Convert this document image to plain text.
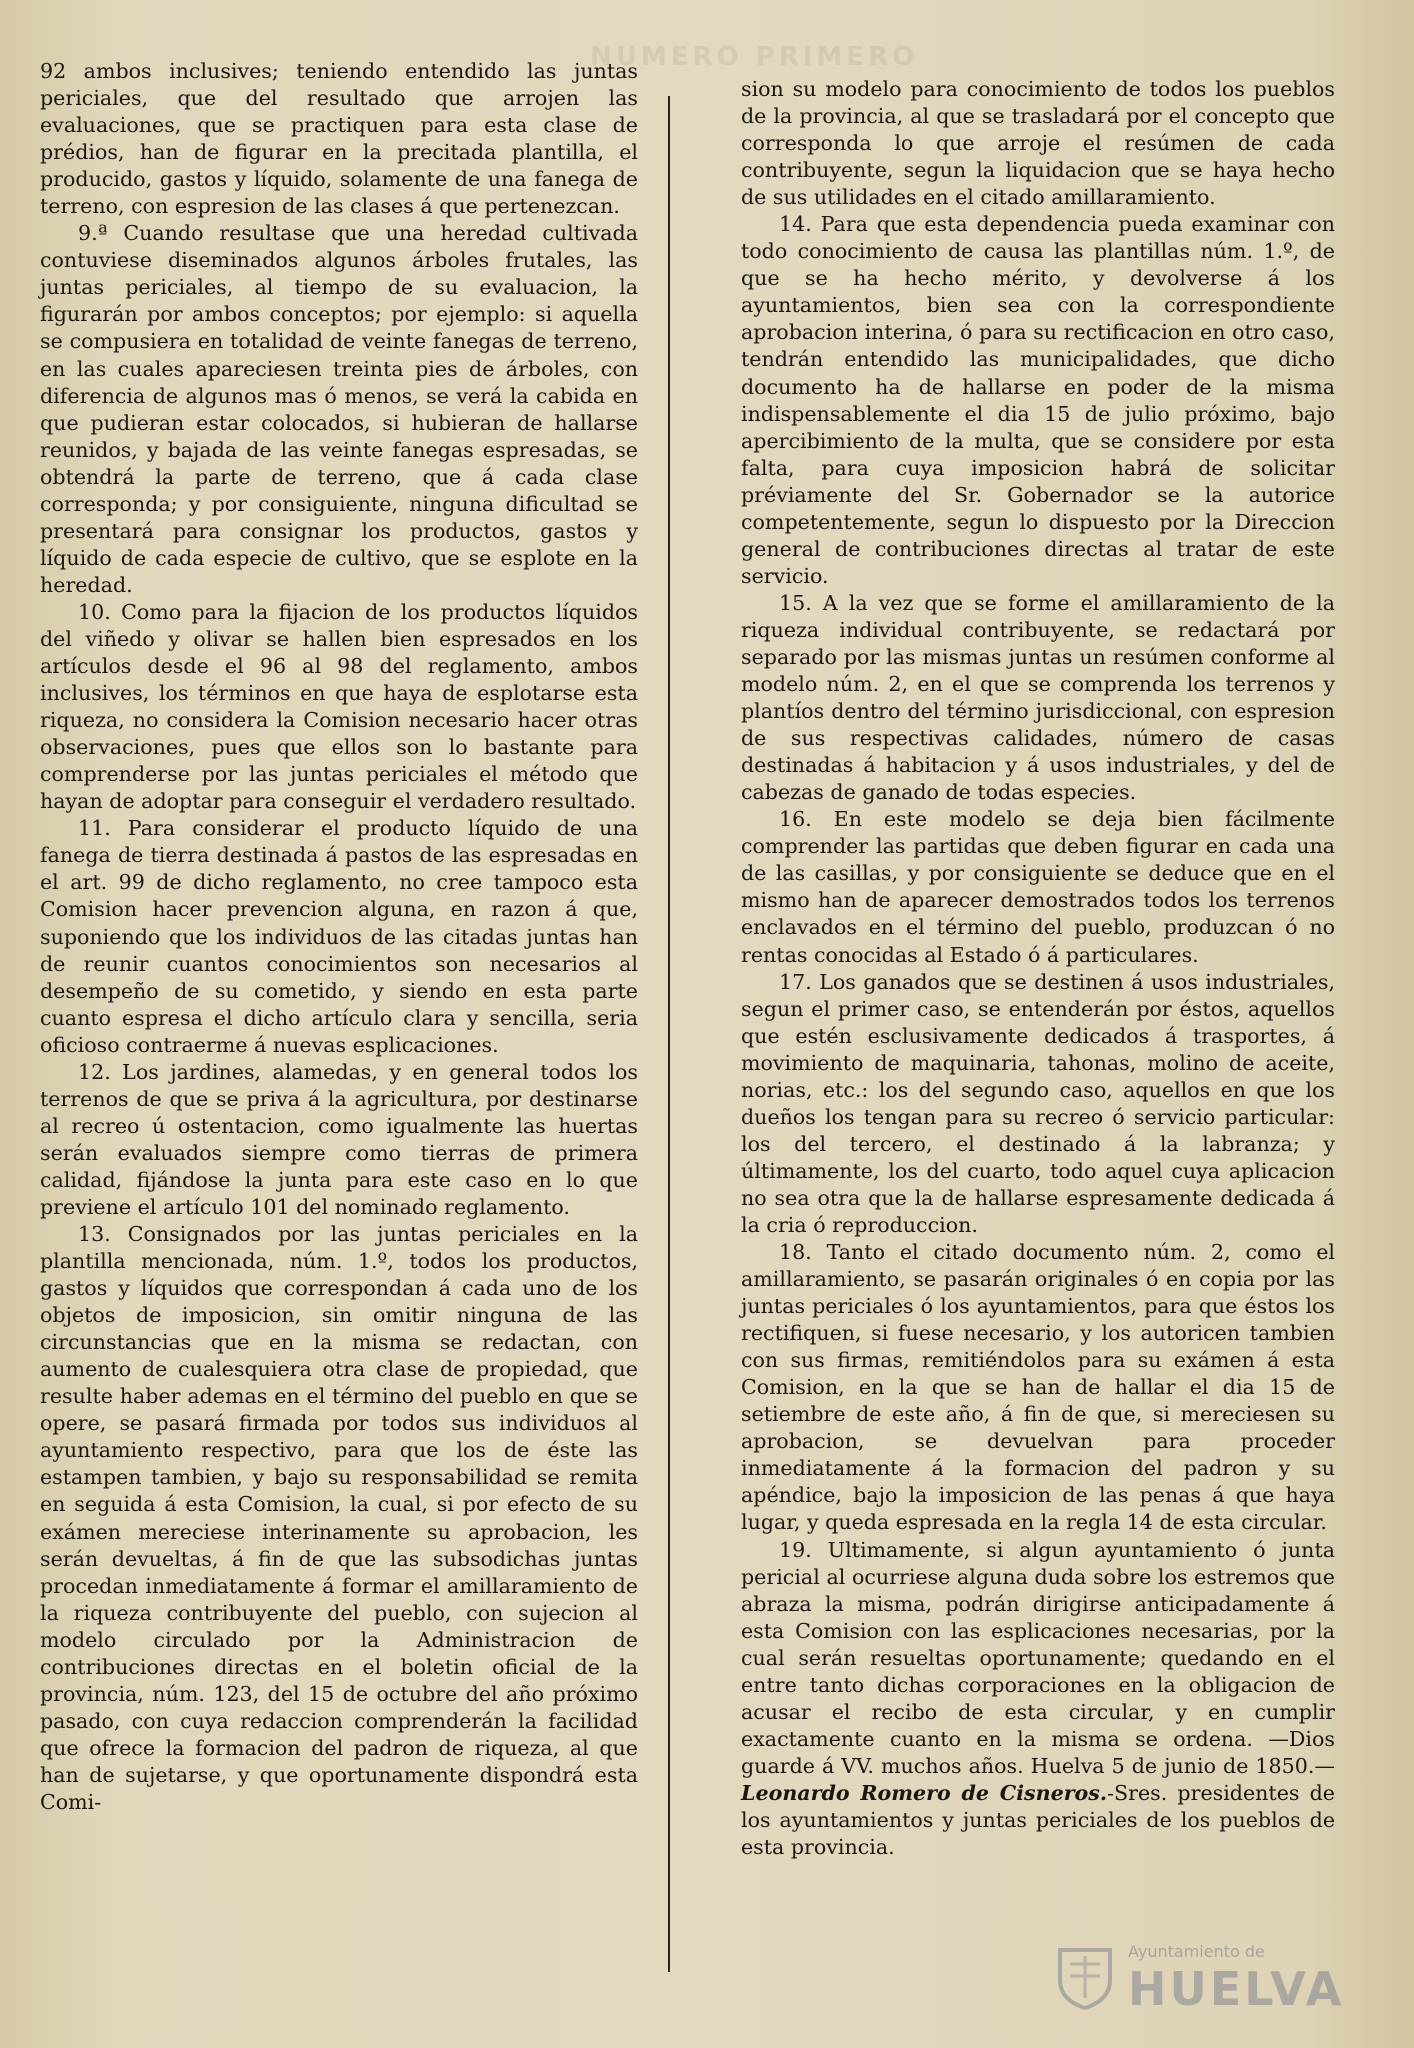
NUMERO PRIMERO

92 ambos inclusives; teniendo entendido las juntas periciales, que del resultado que arrojen las evaluaciones, que se practiquen para esta clase de prédios, han de figurar en la precitada plantilla, el producido, gastos y líquido, solamente de una fanega de terreno, con espresion de las clases á que pertenezcan.

9.ª Cuando resultase que una heredad cultivada contuviese diseminados algunos árboles frutales, las juntas periciales, al tiempo de su evaluacion, la figurarán por ambos conceptos; por ejemplo: si aquella se compusiera en totalidad de veinte fanegas de terreno, en las cuales apareciesen treinta pies de árboles, con diferencia de algunos mas ó menos, se verá la cabida en que pudieran estar colocados, si hubieran de hallarse reunidos, y bajada de las veinte fanegas espresadas, se obtendrá la parte de terreno, que á cada clase corresponda; y por consiguiente, ninguna dificultad se presentará para consignar los productos, gastos y líquido de cada especie de cultivo, que se esplote en la heredad.

10. Como para la fijacion de los productos líquidos del viñedo y olivar se hallen bien espresados en los artículos desde el 96 al 98 del reglamento, ambos inclusives, los términos en que haya de esplotarse esta riqueza, no considera la Comision necesario hacer otras observaciones, pues que ellos son lo bastante para comprenderse por las juntas periciales el método que hayan de adoptar para conseguir el verdadero resultado.

11. Para considerar el producto líquido de una fanega de tierra destinada á pastos de las espresadas en el art. 99 de dicho reglamento, no cree tampoco esta Comision hacer prevencion alguna, en razon á que, suponiendo que los individuos de las citadas juntas han de reunir cuantos conocimientos son necesarios al desempeño de su cometido, y siendo en esta parte cuanto espresa el dicho artículo clara y sencilla, seria oficioso contraerme á nuevas esplicaciones.

12. Los jardines, alamedas, y en general todos los terrenos de que se priva á la agricultura, por destinarse al recreo ú ostentacion, como igualmente las huertas serán evaluados siempre como tierras de primera calidad, fijándose la junta para este caso en lo que previene el artículo 101 del nominado reglamento.

13. Consignados por las juntas periciales en la plantilla mencionada, núm. 1.º, todos los productos, gastos y líquidos que correspondan á cada uno de los objetos de imposicion, sin omitir ninguna de las circunstancias que en la misma se redactan, con aumento de cualesquiera otra clase de propiedad, que resulte haber ademas en el término del pueblo en que se opere, se pasará firmada por todos sus individuos al ayuntamiento respectivo, para que los de éste las estampen tambien, y bajo su responsabilidad se remita en seguida á esta Comision, la cual, si por efecto de su exámen mereciese interinamente su aprobacion, les serán devueltas, á fin de que las subsodichas juntas procedan inmediatamente á formar el amillaramiento de la riqueza contribuyente del pueblo, con sujecion al modelo circulado por la Administracion de contribuciones directas en el boletin oficial de la provincia, núm. 123, del 15 de octubre del año próximo pasado, con cuya redaccion comprenderán la facilidad que ofrece la formacion del padron de riqueza, al que han de sujetarse, y que oportunamente dispondrá esta Comi-

sion su modelo para conocimiento de todos los pueblos de la provincia, al que se trasladará por el concepto que corresponda lo que arroje el resúmen de cada contribuyente, segun la liquidacion que se haya hecho de sus utilidades en el citado amillaramiento.

14. Para que esta dependencia pueda examinar con todo conocimiento de causa las plantillas núm. 1.º, de que se ha hecho mérito, y devolverse á los ayuntamientos, bien sea con la correspondiente aprobacion interina, ó para su rectificacion en otro caso, tendrán entendido las municipalidades, que dicho documento ha de hallarse en poder de la misma indispensablemente el dia 15 de julio próximo, bajo apercibimiento de la multa, que se considere por esta falta, para cuya imposicion habrá de solicitar préviamente del Sr. Gobernador se la autorice competentemente, segun lo dispuesto por la Direccion general de contribuciones directas al tratar de este servicio.

15. A la vez que se forme el amillaramiento de la riqueza individual contribuyente, se redactará por separado por las mismas juntas un resúmen conforme al modelo núm. 2, en el que se comprenda los terrenos y plantíos dentro del término jurisdiccional, con espresion de sus respectivas calidades, número de casas destinadas á habitacion y á usos industriales, y del de cabezas de ganado de todas especies.

16. En este modelo se deja bien fácilmente comprender las partidas que deben figurar en cada una de las casillas, y por consiguiente se deduce que en el mismo han de aparecer demostrados todos los terrenos enclavados en el término del pueblo, produzcan ó no rentas conocidas al Estado ó á particulares.

17. Los ganados que se destinen á usos industriales, segun el primer caso, se entenderán por éstos, aquellos que estén esclusivamente dedicados á trasportes, á movimiento de maquinaria, tahonas, molino de aceite, norias, etc.: los del segundo caso, aquellos en que los dueños los tengan para su recreo ó servicio particular: los del tercero, el destinado á la labranza; y últimamente, los del cuarto, todo aquel cuya aplicacion no sea otra que la de hallarse espresamente dedicada á la cria ó reproduccion.

18. Tanto el citado documento núm. 2, como el amillaramiento, se pasarán originales ó en copia por las juntas periciales ó los ayuntamientos, para que éstos los rectifiquen, si fuese necesario, y los autoricen tambien con sus firmas, remitiéndolos para su exámen á esta Comision, en la que se han de hallar el dia 15 de setiembre de este año, á fin de que, si mereciesen su aprobacion, se devuelvan para proceder inmediatamente á la formacion del padron y su apéndice, bajo la imposicion de las penas á que haya lugar, y queda espresada en la regla 14 de esta circular.

19. Ultimamente, si algun ayuntamiento ó junta pericial al ocurriese alguna duda sobre los estremos que abraza la misma, podrán dirigirse anticipadamente á esta Comision con las esplicaciones necesarias, por la cual serán resueltas oportunamente; quedando en el entre tanto dichas corporaciones en la obligacion de acusar el recibo de esta circular, y en cumplir exactamente cuanto en la misma se ordena. —Dios guarde á VV. muchos años. Huelva 5 de junio de 1850.—Leonardo Romero de Cisneros.-Sres. presidentes de los ayuntamientos y juntas periciales de los pueblos de esta provincia.

Ayuntamiento de
HUELVA
